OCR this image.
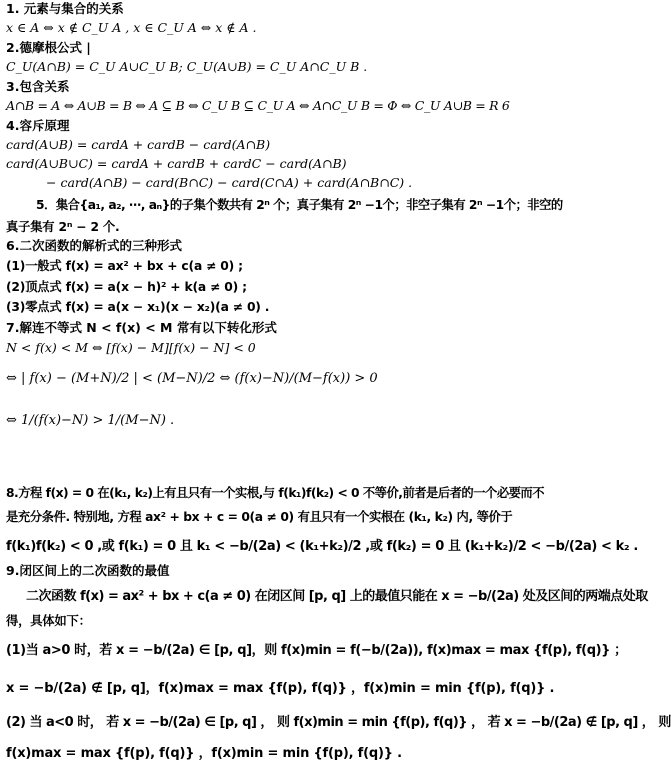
1. 元素与集合的关系
x ∈ A ⇔ x ∉ C_U A , x ∈ C_U A ⇔ x ∉ A .
2.德摩根公式 |
C_U(A∩B) = C_U A∪C_U B; C_U(A∪B) = C_U A∩C_U B .
3.包含关系
A∩B = A ⇔ A∪B = B ⇔ A ⊆ B ⇔ C_U B ⊆ C_U A ⇔ A∩C_U B = Φ ⇔ C_U A∪B = R 6
4.容斥原理
card(A∪B) = cardA + cardB − card(A∩B)
card(A∪B∪C) = cardA + cardB + cardC − card(A∩B)
− card(A∩B) − card(B∩C) − card(C∩A) + card(A∩B∩C) .
5．集合{a₁, a₂, ⋯, aₙ}的子集个数共有 2ⁿ 个；真子集有 2ⁿ −1个；非空子集有 2ⁿ −1个；非空的
真子集有 2ⁿ − 2 个.
6.二次函数的解析式的三种形式
(1)一般式 f(x) = ax² + bx + c(a ≠ 0) ;
(2)顶点式 f(x) = a(x − h)² + k(a ≠ 0) ;
(3)零点式 f(x) = a(x − x₁)(x − x₂)(a ≠ 0) .
7.解连不等式 N < f(x) < M 常有以下转化形式
N < f(x) < M ⇔ [f(x) − M][f(x) − N] < 0
⇔ | f(x) − (M+N)/2 | < (M−N)/2 ⇔ (f(x)−N)/(M−f(x)) > 0
⇔ 1/(f(x)−N) > 1/(M−N) .
8.方程 f(x) = 0 在(k₁, k₂)上有且只有一个实根,与 f(k₁)f(k₂) < 0 不等价,前者是后者的一个必要而不
是充分条件. 特别地, 方程 ax² + bx + c = 0(a ≠ 0) 有且只有一个实根在 (k₁, k₂) 内, 等价于
f(k₁)f(k₂) < 0 ,或 f(k₁) = 0 且 k₁ < −b/(2a) < (k₁+k₂)/2 ,或 f(k₂) = 0 且 (k₁+k₂)/2 < −b/(2a) < k₂ .
9.闭区间上的二次函数的最值
二次函数 f(x) = ax² + bx + c(a ≠ 0) 在闭区间 [p, q] 上的最值只能在 x = −b/(2a) 处及区间的两端点处取
得，具体如下：
(1)当 a>0 时，若 x = −b/(2a) ∈ [p, q]，则 f(x)min = f(−b/(2a)), f(x)max = max {f(p), f(q)} ；
x = −b/(2a) ∉ [p, q]，f(x)max = max {f(p), f(q)} ，f(x)min = min {f(p), f(q)} .
(2) 当 a<0 时， 若 x = −b/(2a) ∈ [p, q] ， 则 f(x)min = min {f(p), f(q)} ， 若 x = −b/(2a) ∉ [p, q] ， 则
f(x)max = max {f(p), f(q)} ，f(x)min = min {f(p), f(q)} .
